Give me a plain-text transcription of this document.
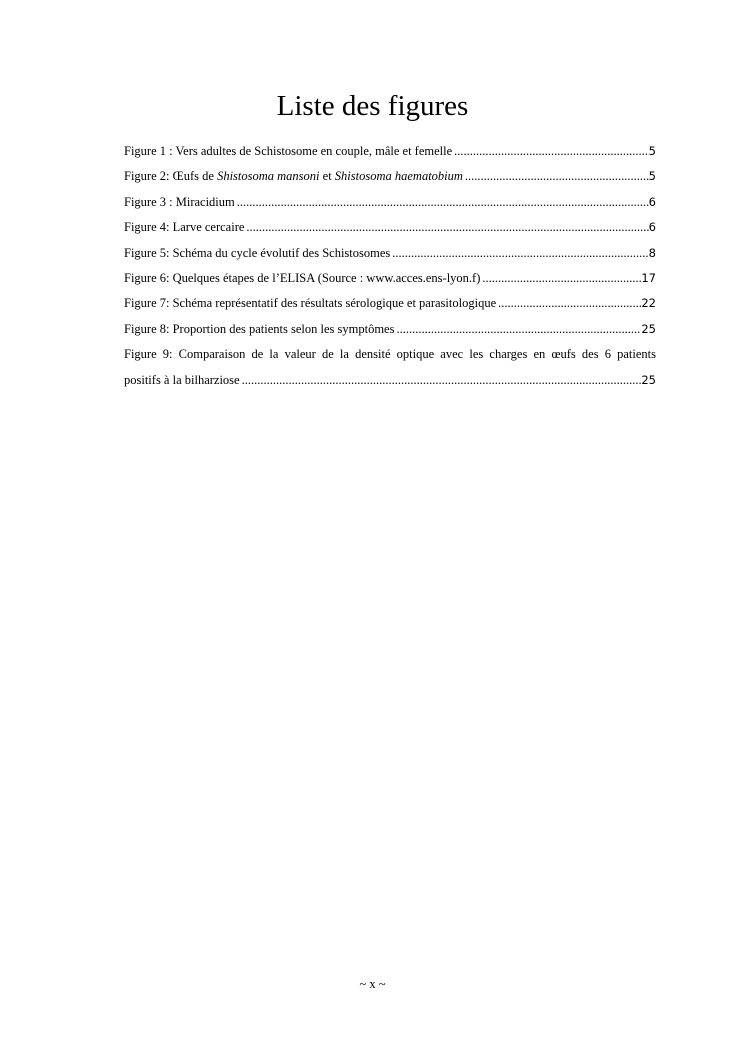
Liste des figures
Figure 1 : Vers adultes de Schistosome en couple, mâle et femelle .....	5
Figure 2: Œufs de Shistosoma mansoni et Shistosoma haematobium .....	5
Figure 3 : Miracidium .....	6
Figure 4: Larve cercaire .....	6
Figure 5: Schéma du cycle évolutif des Schistosomes .....	8
Figure 6: Quelques étapes de l’ELISA (Source : www.acces.ens-lyon.f) .....	17
Figure 7: Schéma représentatif des résultats sérologique et parasitologique .....	22
Figure 8: Proportion des patients selon les symptômes .....	25
Figure 9: Comparaison de la valeur de la densité optique avec les charges en œufs des 6 patients
positifs à la bilharziose .....	25
~ x ~
